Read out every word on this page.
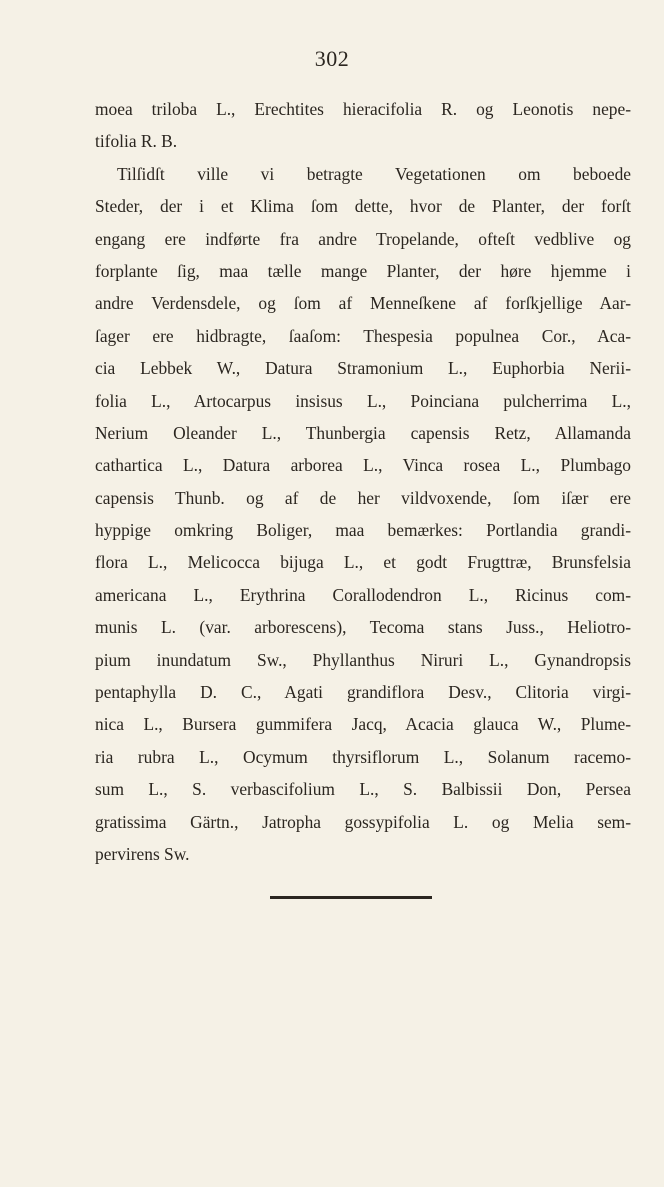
302
moea triloba L., Erechtites hieracifolia R. og Leonotis nepe-
tifolia R. B.
Tilſidſt ville vi betragte Vegetationen om beboede
Steder, der i et Klima ſom dette, hvor de Planter, der forſt
engang ere indførte fra andre Tropelande, ofteſt vedblive og
forplante ſig, maa tælle mange Planter, der høre hjemme i
andre Verdensdele, og ſom af Menneſkene af forſkjellige Aar-
ſager ere hidbragte, ſaaſom: Thespesia populnea Cor., Aca-
cia Lebbek W., Datura Stramonium L., Euphorbia Nerii-
folia L., Artocarpus insisus L., Poinciana pulcherrima L.,
Nerium Oleander L., Thunbergia capensis Retz, Allamanda
cathartica L., Datura arborea L., Vinca rosea L., Plumbago
capensis Thunb. og af de her vildvoxende, ſom iſær ere
hyppige omkring Boliger, maa bemærkes: Portlandia grandi-
flora L., Melicocca bijuga L., et godt Frugttræ, Brunsfelsia
americana L., Erythrina Corallodendron L., Ricinus com-
munis L. (var. arborescens), Tecoma stans Juss., Heliotro-
pium inundatum Sw., Phyllanthus Niruri L., Gynandropsis
pentaphylla D. C., Agati grandiflora Desv., Clitoria virgi-
nica L., Bursera gummifera Jacq, Acacia glauca W., Plume-
ria rubra L., Ocymum thyrsiflorum L., Solanum racemo-
sum L., S. verbascifolium L., S. Balbissii Don, Persea
gratissima Gärtn., Jatropha gossypifolia L. og Melia sem-
pervirens Sw.
